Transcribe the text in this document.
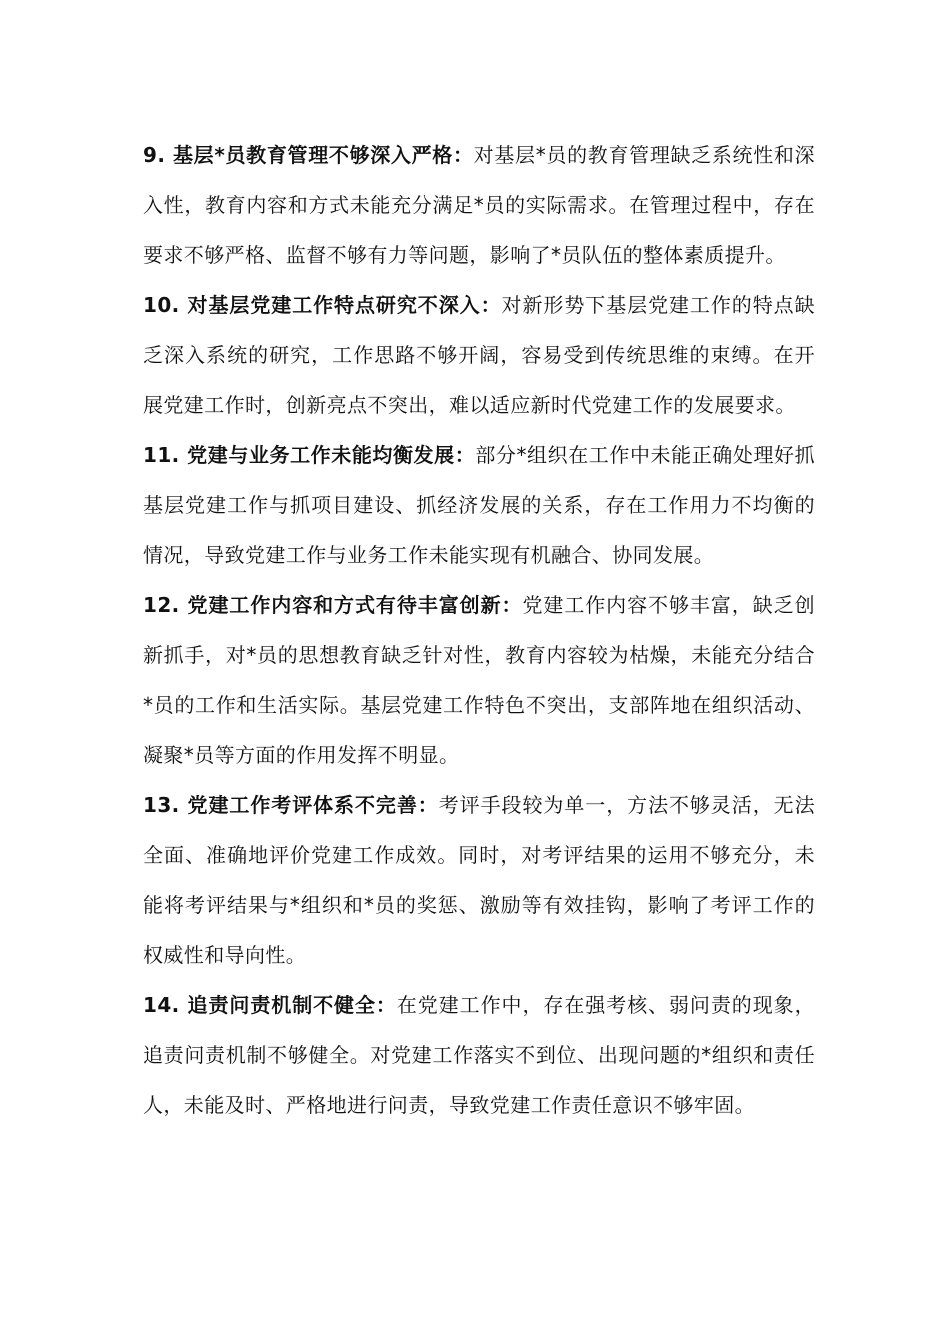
9. 基层*员教育管理不够深入严格：对基层*员的教育管理缺乏系统性和深入性，教育内容和方式未能充分满足*员的实际需求。在管理过程中，存在要求不够严格、监督不够有力等问题，影响了*员队伍的整体素质提升。

10. 对基层党建工作特点研究不深入：对新形势下基层党建工作的特点缺乏深入系统的研究，工作思路不够开阔，容易受到传统思维的束缚。在开展党建工作时，创新亮点不突出，难以适应新时代党建工作的发展要求。

11. 党建与业务工作未能均衡发展：部分*组织在工作中未能正确处理好抓基层党建工作与抓项目建设、抓经济发展的关系，存在工作用力不均衡的情况，导致党建工作与业务工作未能实现有机融合、协同发展。

12. 党建工作内容和方式有待丰富创新：党建工作内容不够丰富，缺乏创新抓手，对*员的思想教育缺乏针对性，教育内容较为枯燥，未能充分结合*员的工作和生活实际。基层党建工作特色不突出，支部阵地在组织活动、凝聚*员等方面的作用发挥不明显。

13. 党建工作考评体系不完善：考评手段较为单一，方法不够灵活，无法全面、准确地评价党建工作成效。同时，对考评结果的运用不够充分，未能将考评结果与*组织和*员的奖惩、激励等有效挂钩，影响了考评工作的权威性和导向性。

14. 追责问责机制不健全：在党建工作中，存在强考核、弱问责的现象，追责问责机制不够健全。对党建工作落实不到位、出现问题的*组织和责任人，未能及时、严格地进行问责，导致党建工作责任意识不够牢固。
